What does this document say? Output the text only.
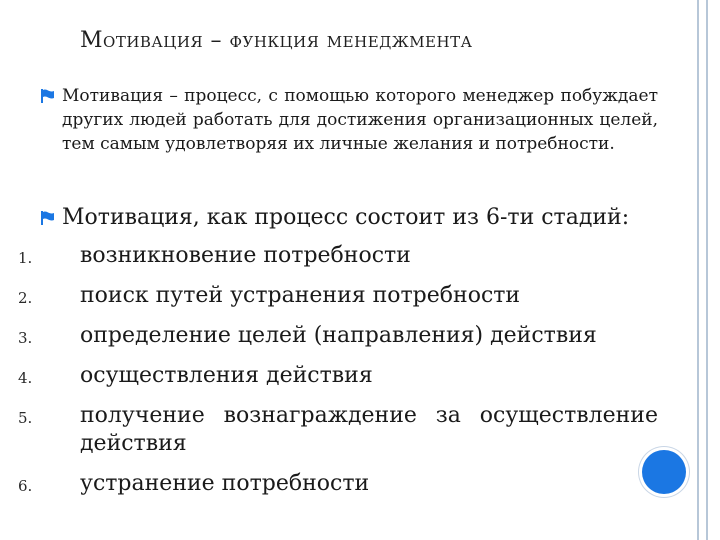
Мотивация – функция менеджмента
Мотивация – процесс, с помощью которого менеджер побуждает других людей работать для достижения организационных целей, тем самым удовлетворяя их личные желания и потребности.
Мотивация, как процесс состоит из 6-ти стадий:
1. возникновение потребности
2. поиск путей устранения потребности
3. определение целей (направления) действия
4. осуществления действия
5. получение вознаграждение за осуществление действия
6. устранение потребности
